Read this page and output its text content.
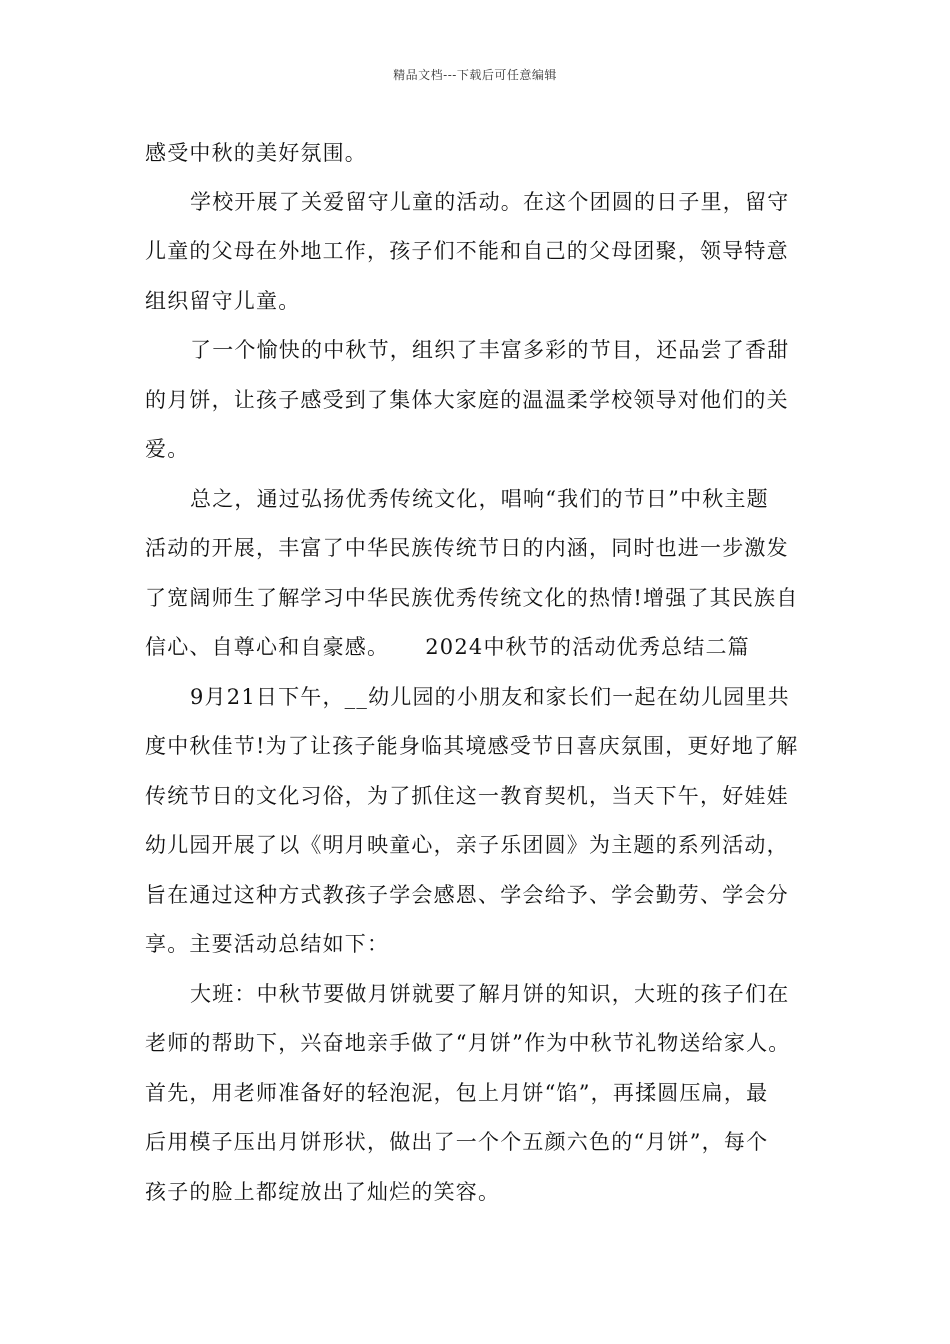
精品文档---下载后可任意编辑
感受中秋的美好氛围。
学校开展了关爱留守儿童的活动。在这个团圆的日子里，留守
儿童的父母在外地工作，孩子们不能和自己的父母团聚，领导特意
组织留守儿童。
了一个愉快的中秋节，组织了丰富多彩的节目，还品尝了香甜
的月饼，让孩子感受到了集体大家庭的温温柔学校领导对他们的关
爱。
总之，通过弘扬优秀传统文化，唱响“我们的节日”中秋主题
活动的开展，丰富了中华民族传统节日的内涵，同时也进一步激发
了宽阔师生了解学习中华民族优秀传统文化的热情!增强了其民族自
信心、自尊心和自豪感。 2024中秋节的活动优秀总结二篇
9月21日下午，__幼儿园的小朋友和家长们一起在幼儿园里共
度中秋佳节!为了让孩子能身临其境感受节日喜庆氛围，更好地了解
传统节日的文化习俗，为了抓住这一教育契机，当天下午，好娃娃
幼儿园开展了以《明月映童心，亲子乐团圆》为主题的系列活动，
旨在通过这种方式教孩子学会感恩、学会给予、学会勤劳、学会分
享。主要活动总结如下：
大班：中秋节要做月饼就要了解月饼的知识，大班的孩子们在
老师的帮助下，兴奋地亲手做了“月饼”作为中秋节礼物送给家人。
首先，用老师准备好的轻泡泥，包上月饼“馅”，再揉圆压扁，最
后用模子压出月饼形状，做出了一个个五颜六色的“月饼”，每个
孩子的脸上都绽放出了灿烂的笑容。
